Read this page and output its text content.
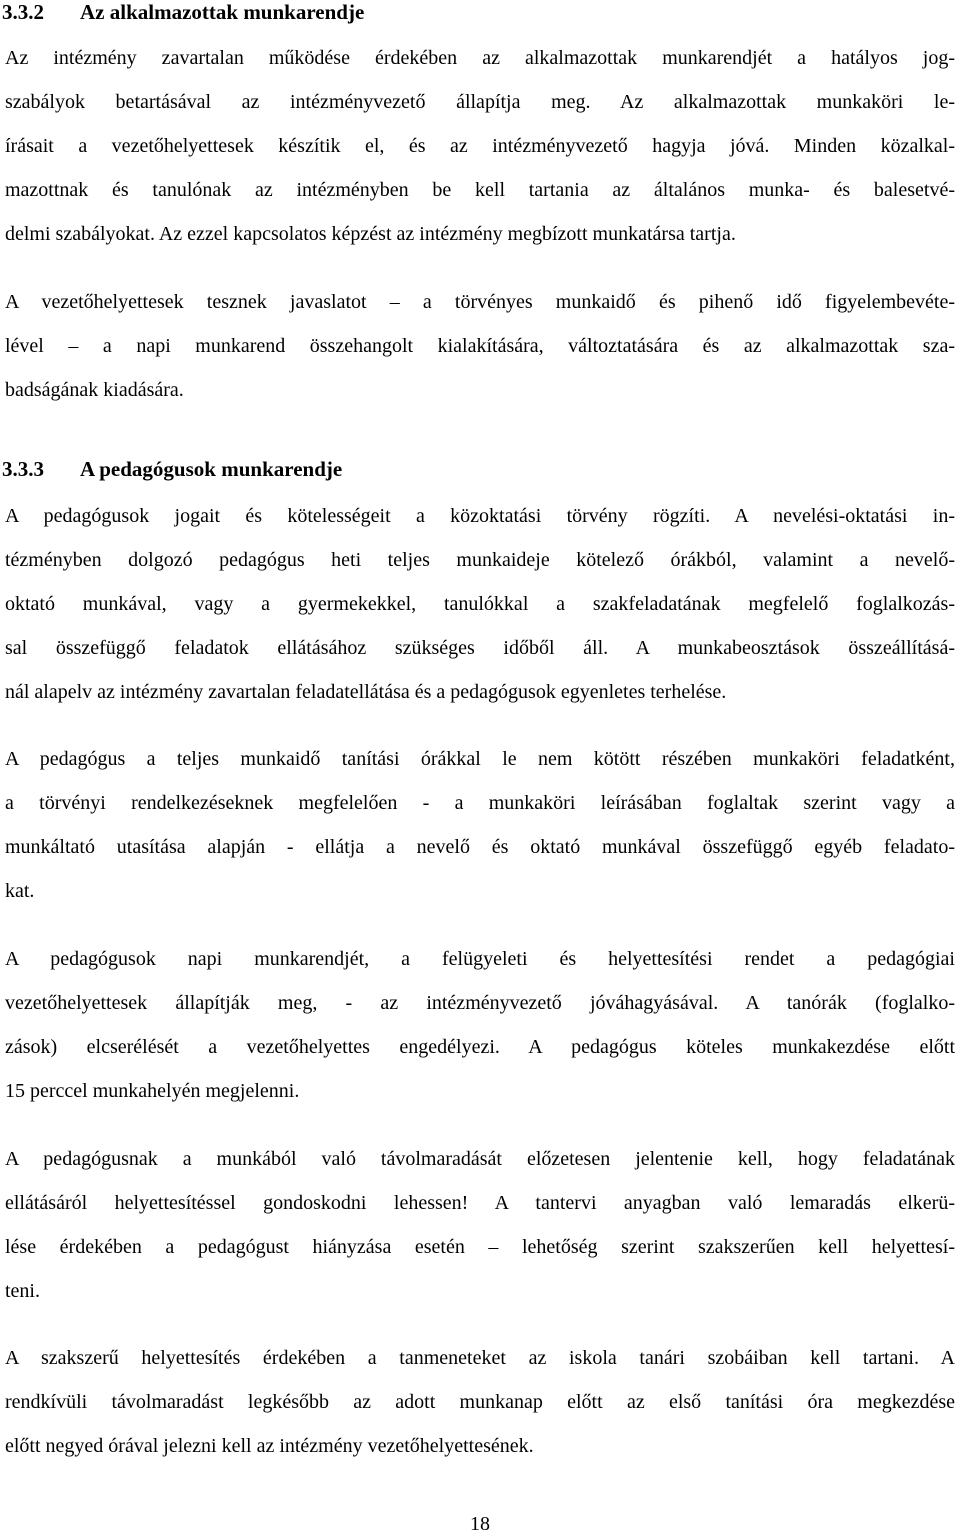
3.3.2 Az alkalmazottak munkarendje
Az intézmény zavartalan működése érdekében az alkalmazottak munkarendjét a hatályos jog-
szabályok betartásával az intézményvezető állapítja meg. Az alkalmazottak munkaköri le-
írásait a vezetőhelyettesek készítik el, és az intézményvezető hagyja jóvá. Minden közalkal-
mazottnak és tanulónak az intézményben be kell tartania az általános munka- és balesetvé-
delmi szabályokat. Az ezzel kapcsolatos képzést az intézmény megbízott munkatársa tartja.
A vezetőhelyettesek tesznek javaslatot – a törvényes munkaidő és pihenő idő figyelembevéte-
lével – a napi munkarend összehangolt kialakítására, változtatására és az alkalmazottak sza-
badságának kiadására.
3.3.3 A pedagógusok munkarendje
A pedagógusok jogait és kötelességeit a közoktatási törvény rögzíti. A nevelési-oktatási in-
tézményben dolgozó pedagógus heti teljes munkaideje kötelező órákból, valamint a nevelő-
oktató munkával, vagy a gyermekekkel, tanulókkal a szakfeladatának megfelelő foglalkozás-
sal összefüggő feladatok ellátásához szükséges időből áll. A munkabeosztások összeállításá-
nál alapelv az intézmény zavartalan feladatellátása és a pedagógusok egyenletes terhelése.
A pedagógus a teljes munkaidő tanítási órákkal le nem kötött részében munkaköri feladatként,
a törvényi rendelkezéseknek megfelelően - a munkaköri leírásában foglaltak szerint vagy a
munkáltató utasítása alapján - ellátja a nevelő és oktató munkával összefüggő egyéb feladato-
kat.
A pedagógusok napi munkarendjét, a felügyeleti és helyettesítési rendet a pedagógiai
vezetőhelyettesek állapítják meg, - az intézményvezető jóváhagyásával. A tanórák (foglalko-
zások) elcserélését a vezetőhelyettes engedélyezi. A pedagógus köteles munkakezdése előtt
15 perccel munkahelyén megjelenni.
A pedagógusnak a munkából való távolmaradását előzetesen jelentenie kell, hogy feladatának
ellátásáról helyettesítéssel gondoskodni lehessen! A tantervi anyagban való lemaradás elkerü-
lése érdekében a pedagógust hiányzása esetén – lehetőség szerint szakszerűen kell helyettesí-
teni.
A szakszerű helyettesítés érdekében a tanmeneteket az iskola tanári szobáiban kell tartani. A
rendkívüli távolmaradást legkésőbb az adott munkanap előtt az első tanítási óra megkezdése
előtt negyed órával jelezni kell az intézmény vezetőhelyettesének.
18
